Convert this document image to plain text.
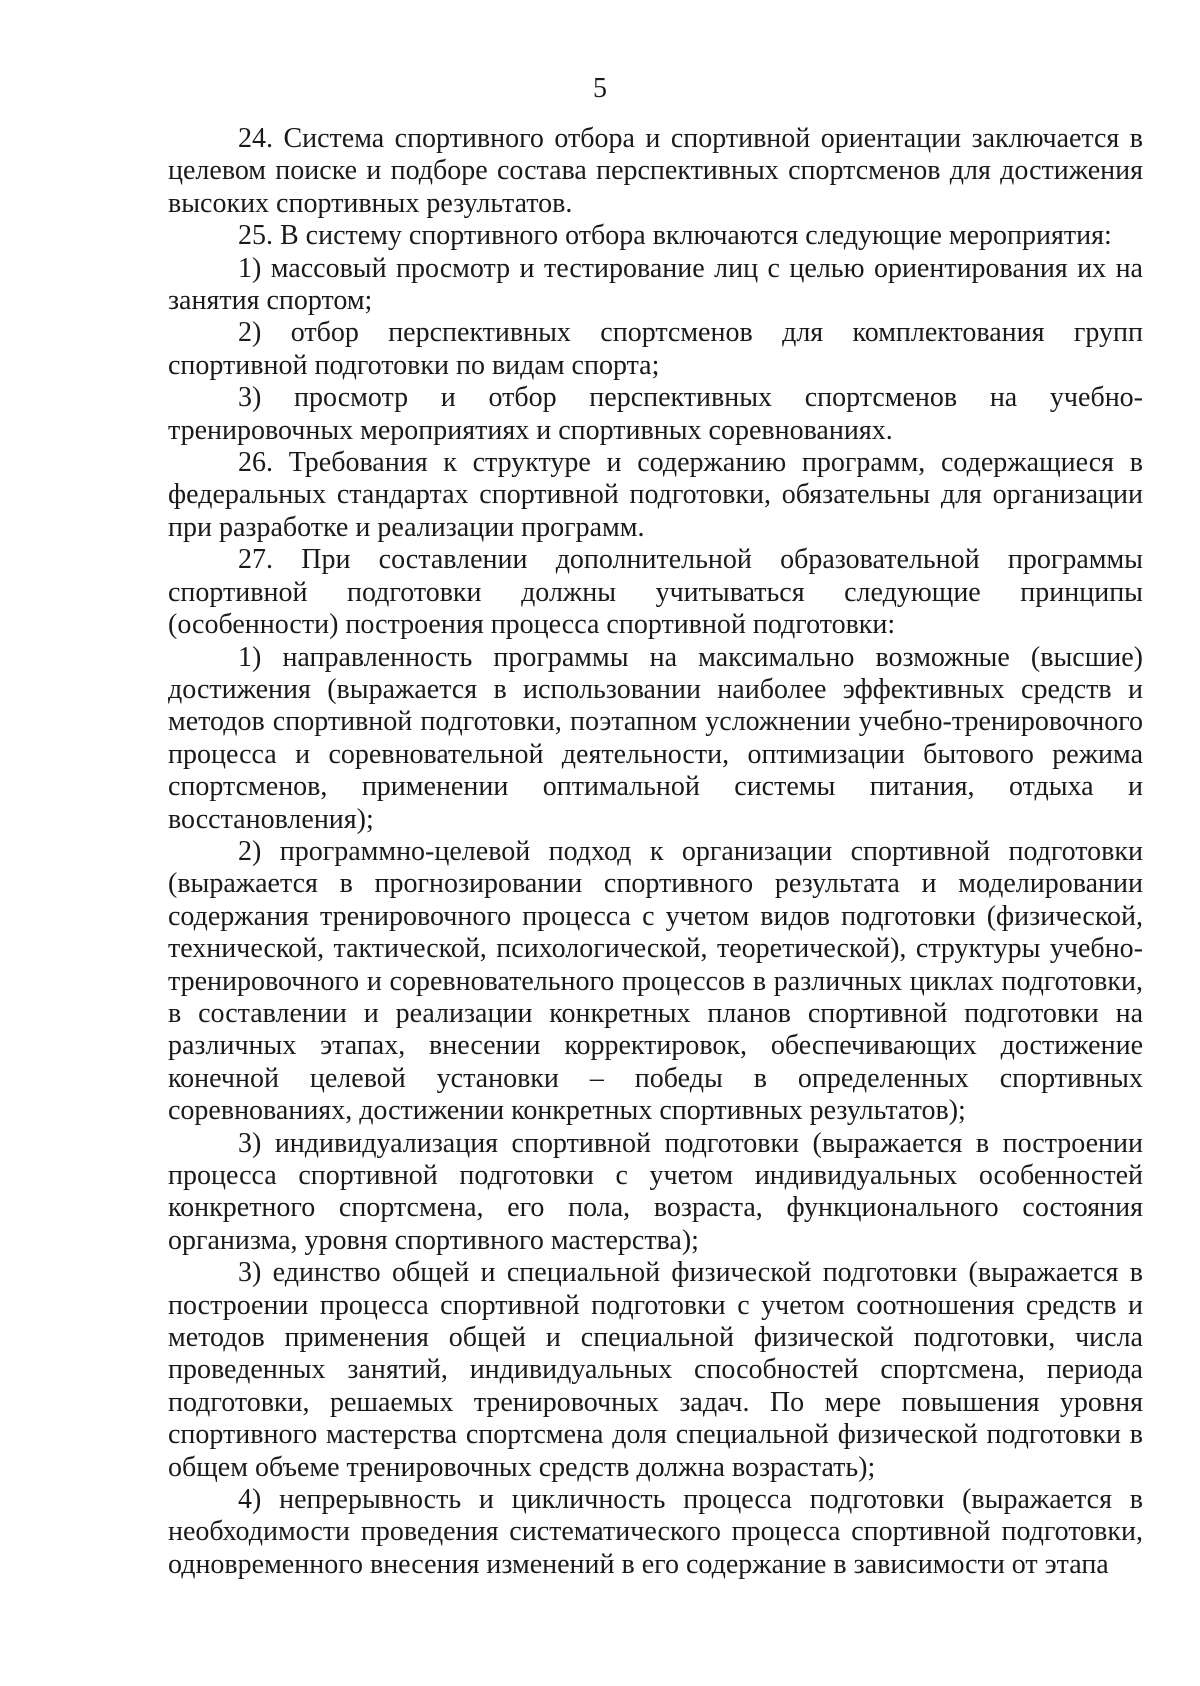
5

24. Система спортивного отбора и спортивной ориентации заключается в целевом поиске и подборе состава перспективных спортсменов для достижения высоких спортивных результатов.

25. В систему спортивного отбора включаются следующие мероприятия:

1) массовый просмотр и тестирование лиц с целью ориентирования их на занятия спортом;

2) отбор перспективных спортсменов для комплектования групп спортивной подготовки по видам спорта;

3) просмотр и отбор перспективных спортсменов на учебно-тренировочных мероприятиях и спортивных соревнованиях.

26. Требования к структуре и содержанию программ, содержащиеся в федеральных стандартах спортивной подготовки, обязательны для организации при разработке и реализации программ.

27. При составлении дополнительной образовательной программы спортивной подготовки должны учитываться следующие принципы (особенности) построения процесса спортивной подготовки:

1) направленность программы на максимально возможные (высшие) достижения (выражается в использовании наиболее эффективных средств и методов спортивной подготовки, поэтапном усложнении учебно-тренировочного процесса и соревновательной деятельности, оптимизации бытового режима спортсменов, применении оптимальной системы питания, отдыха и восстановления);

2) программно-целевой подход к организации спортивной подготовки (выражается в прогнозировании спортивного результата и моделировании содержания тренировочного процесса с учетом видов подготовки (физической, технической, тактической, психологической, теоретической), структуры учебно-тренировочного и соревновательного процессов в различных циклах подготовки, в составлении и реализации конкретных планов спортивной подготовки на различных этапах, внесении корректировок, обеспечивающих достижение конечной целевой установки – победы в определенных спортивных соревнованиях, достижении конкретных спортивных результатов);

3) индивидуализация спортивной подготовки (выражается в построении процесса спортивной подготовки с учетом индивидуальных особенностей конкретного спортсмена, его пола, возраста, функционального состояния организма, уровня спортивного мастерства);

3) единство общей и специальной физической подготовки (выражается в построении процесса спортивной подготовки с учетом соотношения средств и методов применения общей и специальной физической подготовки, числа проведенных занятий, индивидуальных способностей спортсмена, периода подготовки, решаемых тренировочных задач. По мере повышения уровня спортивного мастерства спортсмена доля специальной физической подготовки в общем объеме тренировочных средств должна возрастать);

4) непрерывность и цикличность процесса подготовки (выражается в необходимости проведения систематического процесса спортивной подготовки, одновременного внесения изменений в его содержание в зависимости от этапа
